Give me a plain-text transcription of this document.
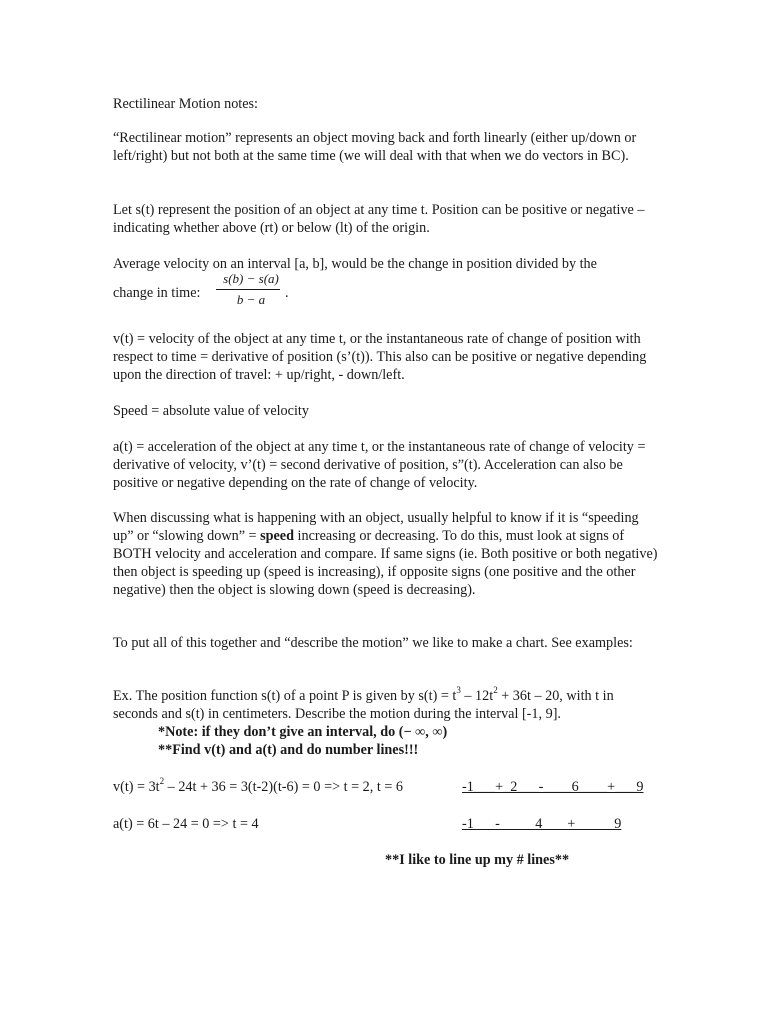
Rectilinear Motion notes:

“Rectilinear motion” represents an object moving back and forth linearly (either up/down or left/right) but not both at the same time (we will deal with that when we do vectors in BC).

Let s(t) represent the position of an object at any time t. Position can be positive or negative – indicating whether above (rt) or below (lt) of the origin.

Average velocity on an interval [a, b], would be the change in position divided by the

change in time:

s(b) − s(a)
b − a	.

v(t) = velocity of the object at any time t, or the instantaneous rate of change of position with respect to time = derivative of position (s’(t)). This also can be positive or negative depending upon the direction of travel: + up/right, - down/left.

Speed = absolute value of velocity

a(t) = acceleration of the object at any time t, or the instantaneous rate of change of velocity = derivative of velocity, v’(t) = second derivative of position, s”(t). Acceleration can also be positive or negative depending on the rate of change of velocity.

When discussing what is happening with an object, usually helpful to know if it is “speeding up” or “slowing down” = speed increasing or decreasing. To do this, must look at signs of BOTH velocity and acceleration and compare. If same signs (ie. Both positive or both negative) then object is speeding up (speed is increasing), if opposite signs (one positive and the other negative) then the object is slowing down (speed is decreasing).

To put all of this together and “describe the motion” we like to make a chart. See examples:

Ex. The position function s(t) of a point P is given by $s(t) = t^3 - 12t^2 + 36t - 20$, with t in seconds and s(t) in centimeters. Describe the motion during the interval [-1, 9].

*Note: if they don’t give an interval, do (− ∞, ∞)
**Find v(t) and a(t) and do number lines!!!
$v(t) = 3t^2 - 24t + 36 = 3(t-2)(t-6) = 0 => t = 2$, t = 6	-1___+_2___-____6____+___9
a(t) = 6t – 24 = 0 => t = 4	-1      -          4       +           9
**I like to line up my # lines**
